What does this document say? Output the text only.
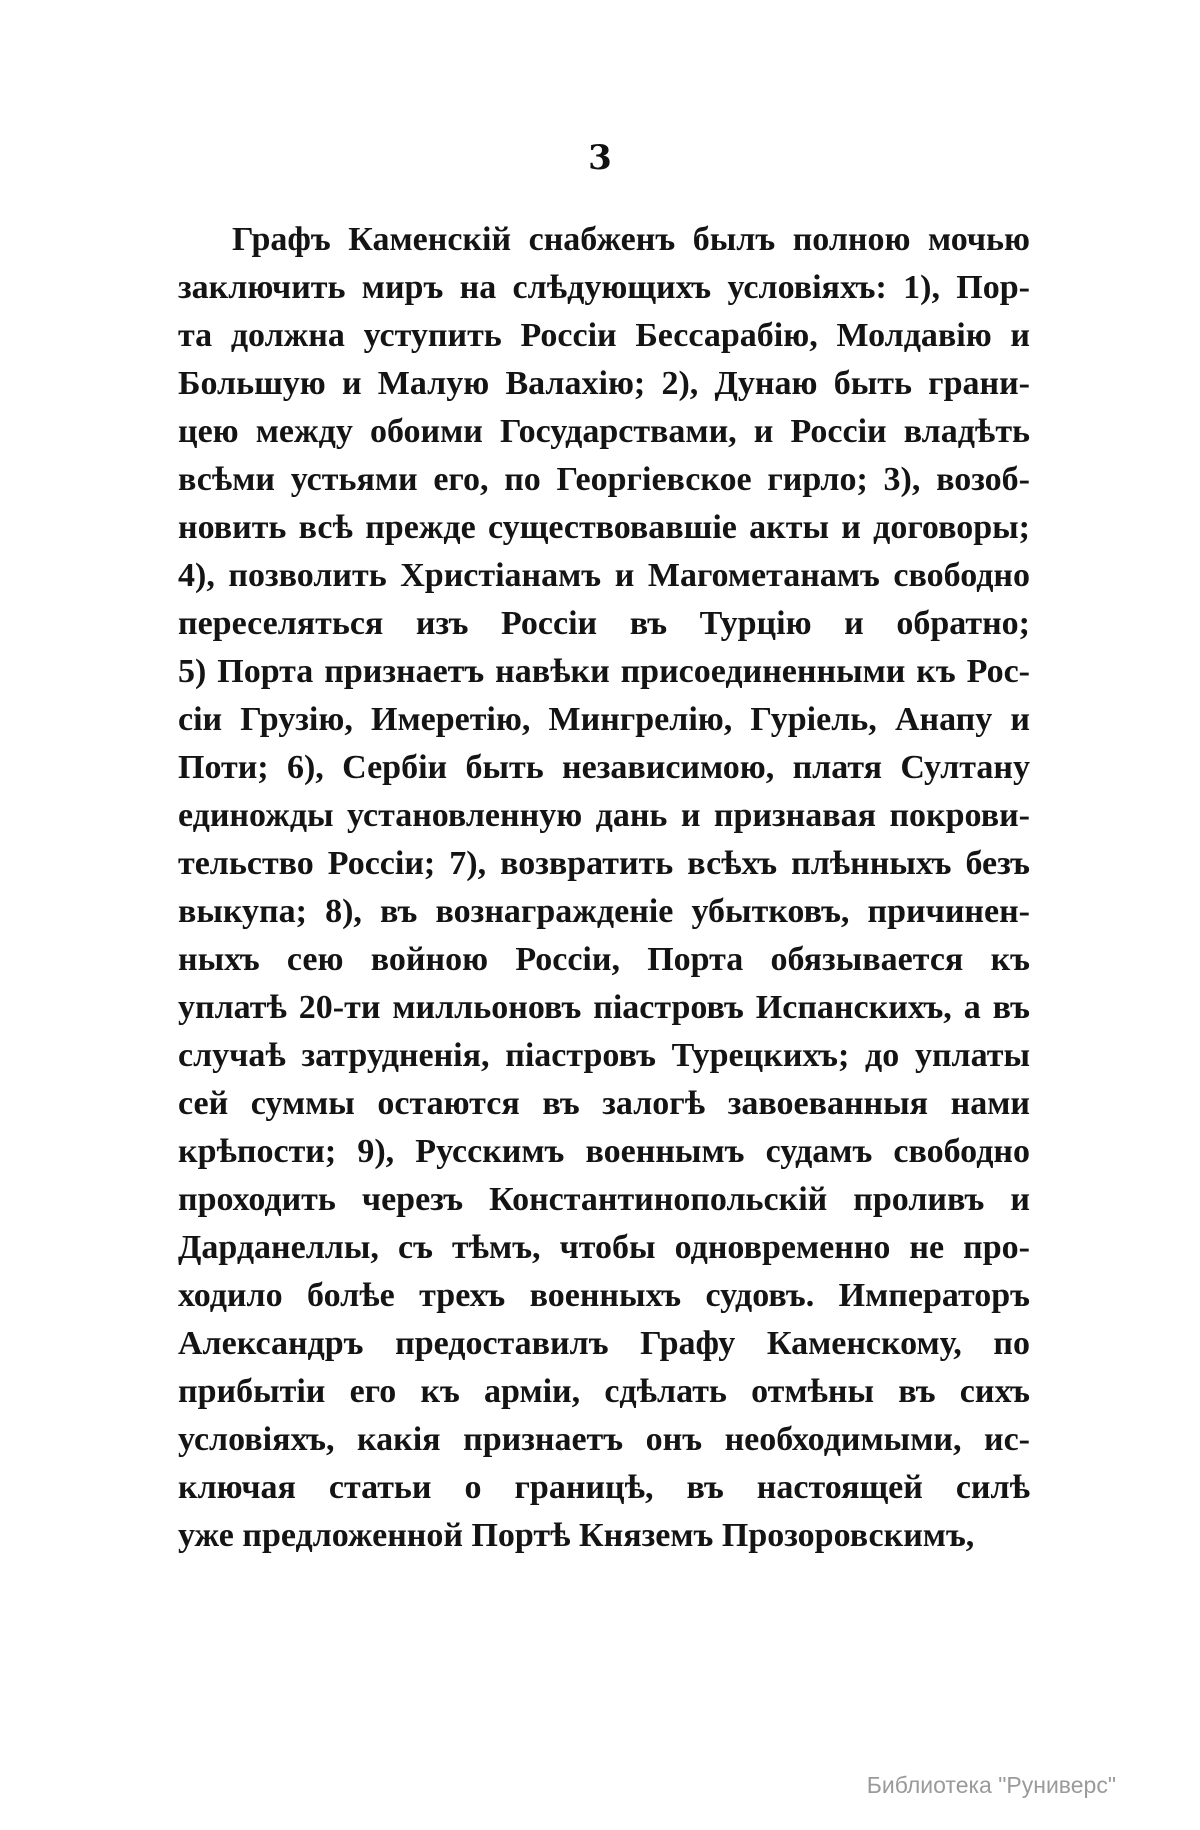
3
Графъ Каменскій снабженъ былъ полною мочью
заключить миръ на слѣдующихъ условіяхъ: 1), Пор-
та должна уступить Россіи Бессарабію, Молдавію и
Большую и Малую Валахію; 2), Дунаю быть грани-
цею между обоими Государствами, и Россіи владѣть
всѣми устьями его, по Георгіевское гирло; 3), возоб-
новить всѣ прежде существовавшіе акты и договоры;
4), позволить Христіанамъ и Магометанамъ свободно
переселяться изъ Россіи въ Турцію и обратно;
5) Порта признаетъ навѣки присоединенными къ Рос-
сіи Грузію, Имеретію, Мингрелію, Гуріель, Анапу и
Поти; 6), Сербіи быть независимою, платя Султану
единожды установленную дань и признавая покрови-
тельство Россіи; 7), возвратить всѣхъ плѣнныхъ безъ
выкупа; 8), въ вознагражденіе убытковъ, причинен-
ныхъ сею войною Россіи, Порта обязывается къ
уплатѣ 20-ти милльоновъ піастровъ Испанскихъ, а въ
случаѣ затрудненія, піастровъ Турецкихъ; до уплаты
сей суммы остаются въ залогѣ завоеванныя нами
крѣпости; 9), Русскимъ военнымъ судамъ свободно
проходить черезъ Константинопольскій проливъ и
Дарданеллы, съ тѣмъ, чтобы одновременно не про-
ходило болѣе трехъ военныхъ судовъ. Императоръ
Александръ предоставилъ Графу Каменскому, по
прибытіи его къ арміи, сдѣлать отмѣны въ сихъ
условіяхъ, какія признаетъ онъ необходимыми, ис-
ключая статьи о границѣ, въ настоящей силѣ
уже предложенной Портѣ Княземъ Прозоровскимъ,
Библиотека "Руниверс"
